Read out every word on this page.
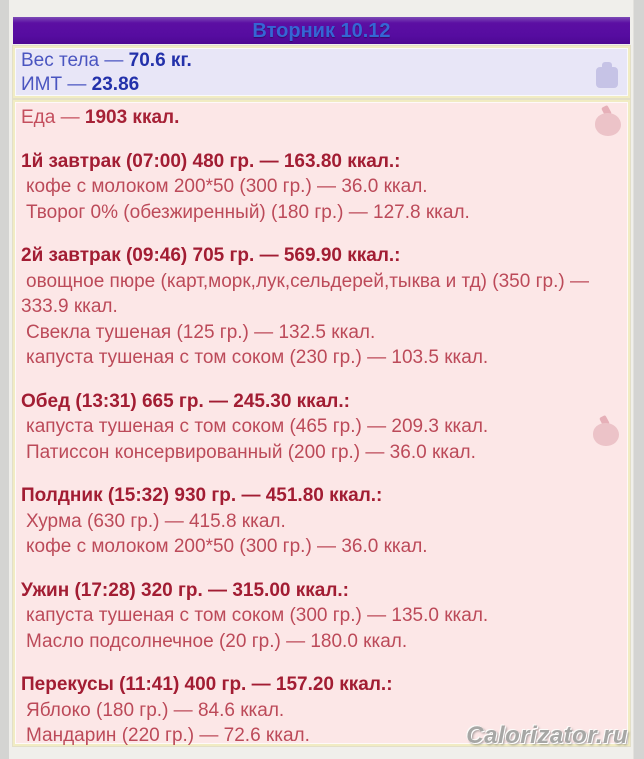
Вторник 10.12
Вес тела — 70.6 кг.
ИМТ — 23.86
Еда — 1903 ккал.
1й завтрак (07:00) 480 гр. — 163.80 ккал.:
кофе с молоком 200*50 (300 гр.) — 36.0 ккал.
Творог 0% (обезжиренный) (180 гр.) — 127.8 ккал.
2й завтрак (09:46) 705 гр. — 569.90 ккал.:
овощное пюре (карт,морк,лук,сельдерей,тыква и тд) (350 гр.) — 333.9 ккал.
Свекла тушеная (125 гр.) — 132.5 ккал.
капуста тушеная с том соком (230 гр.) — 103.5 ккал.
Обед (13:31) 665 гр. — 245.30 ккал.:
капуста тушеная с том соком (465 гр.) — 209.3 ккал.
Патиссон консервированный (200 гр.) — 36.0 ккал.
Полдник (15:32) 930 гр. — 451.80 ккал.:
Хурма (630 гр.) — 415.8 ккал.
кофе с молоком 200*50 (300 гр.) — 36.0 ккал.
Ужин (17:28) 320 гр. — 315.00 ккал.:
капуста тушеная с том соком (300 гр.) — 135.0 ккал.
Масло подсолнечное (20 гр.) — 180.0 ккал.
Перекусы (11:41) 400 гр. — 157.20 ккал.:
Яблоко (180 гр.) — 84.6 ккал.
Мандарин (220 гр.) — 72.6 ккал.	Calorizator.ru
